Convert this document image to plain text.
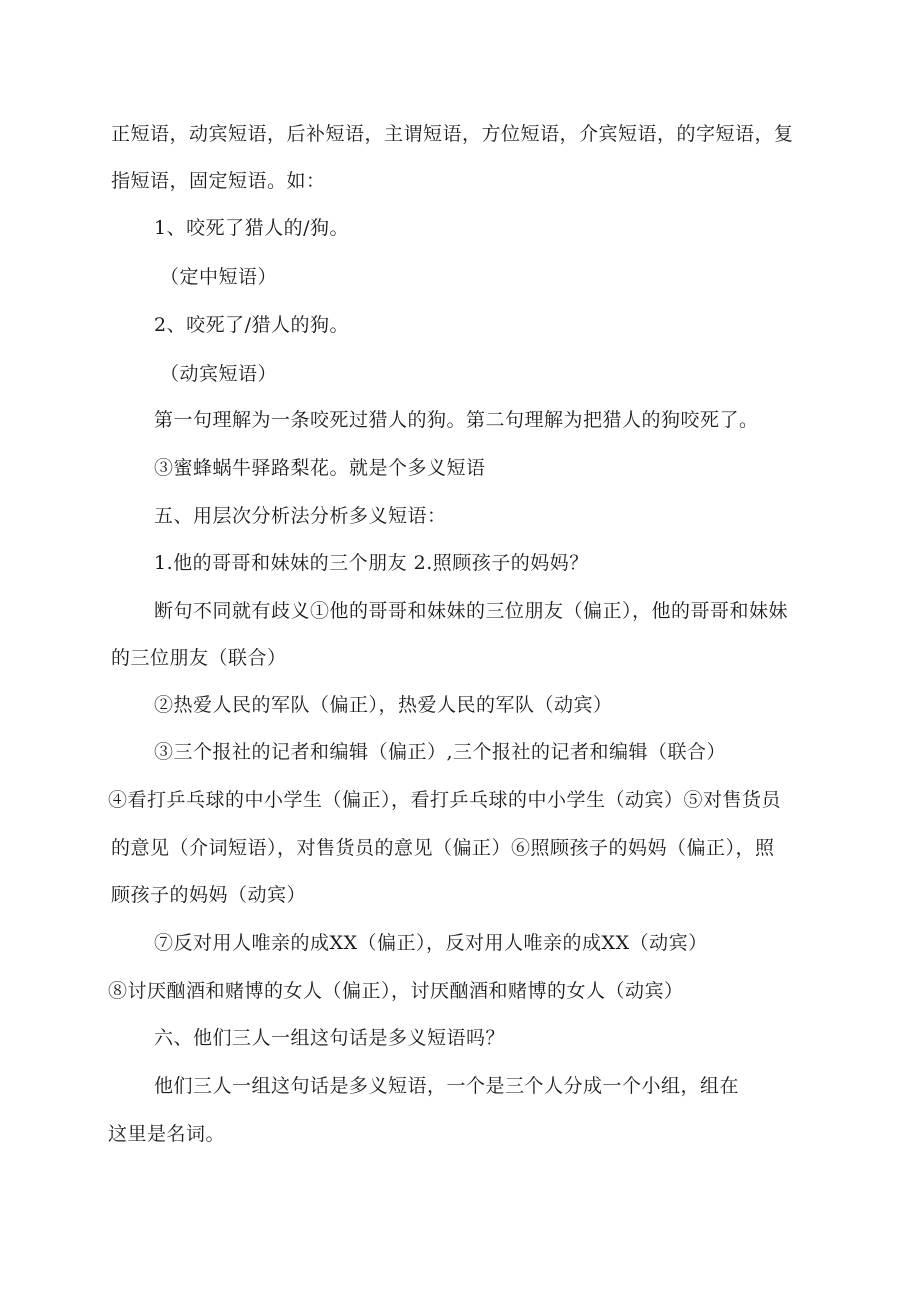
正短语，动宾短语，后补短语，主谓短语，方位短语，介宾短语，的字短语，复
指短语，固定短语。如：
1、咬死了猎人的/狗。
（定中短语）
2、咬死了/猎人的狗。
（动宾短语）
第一句理解为一条咬死过猎人的狗。第二句理解为把猎人的狗咬死了。
③蜜蜂蜗牛驿路梨花。就是个多义短语
五、用层次分析法分析多义短语：
1.他的哥哥和妹妹的三个朋友 2.照顾孩子的妈妈？
断句不同就有歧义①他的哥哥和妹妹的三位朋友（偏正），他的哥哥和妹妹
的三位朋友（联合）
②热爱人民的军队（偏正），热爱人民的军队（动宾）
③三个报社的记者和编辑（偏正）,三个报社的记者和编辑（联合）
④看打乒乓球的中小学生（偏正），看打乒乓球的中小学生（动宾）⑤对售货员
的意见（介词短语），对售货员的意见（偏正）⑥照顾孩子的妈妈（偏正），照
顾孩子的妈妈（动宾）
⑦反对用人唯亲的成XX（偏正），反对用人唯亲的成XX（动宾）
⑧讨厌酗酒和赌博的女人（偏正），讨厌酗酒和赌博的女人（动宾）
六、他们三人一组这句话是多义短语吗？
他们三人一组这句话是多义短语，一个是三个人分成一个小组，组在
这里是名词。
